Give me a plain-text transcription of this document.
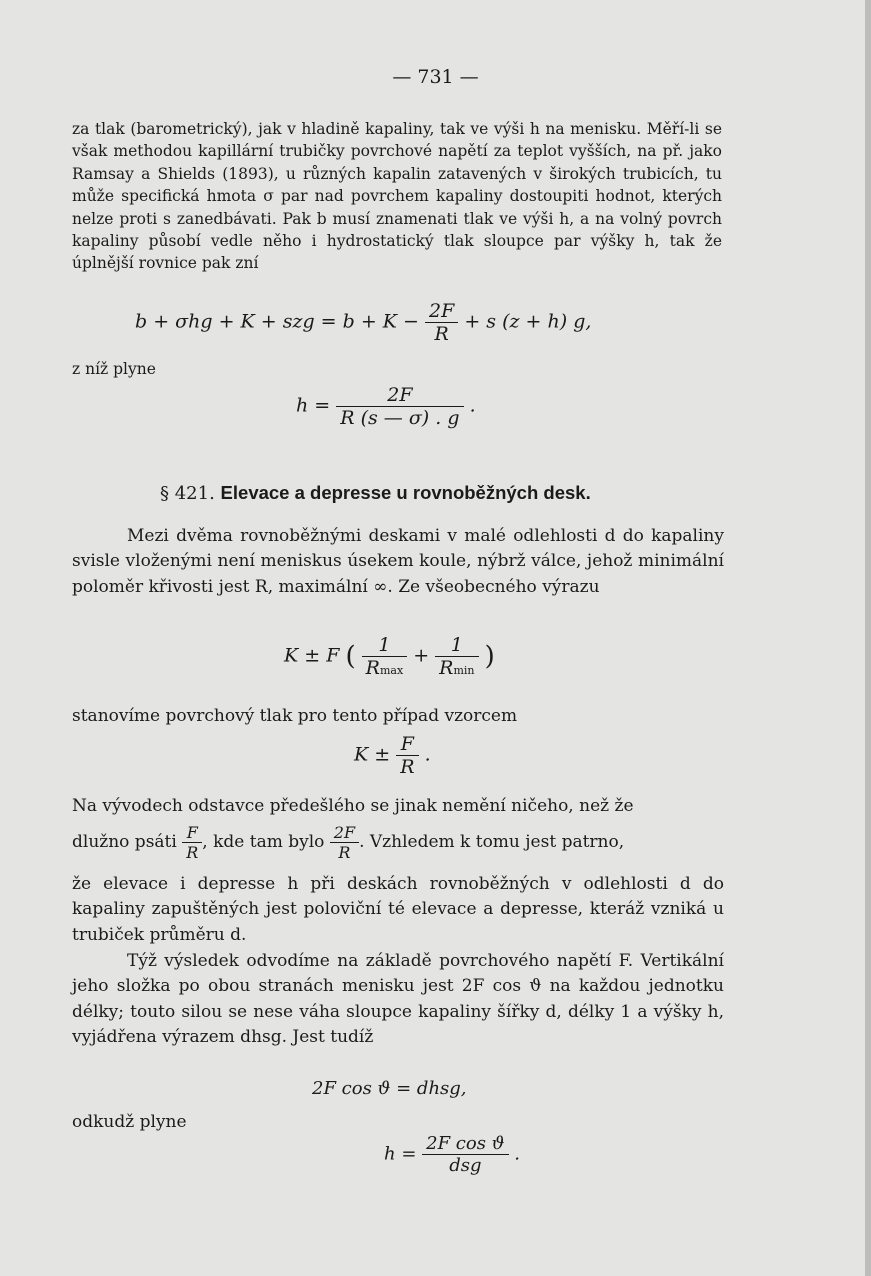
— 731 —

za tlak (barometrický), jak v hladině kapaliny, tak ve výši h na menisku. Měří-li se však methodou kapillární trubičky povrchové napětí za teplot vyšších, na př. jako Ramsay a Shields (1893), u různých kapalin zatavených v širokých trubicích, tu může specifická hmota σ par nad povrchem kapaliny dostoupiti hodnot, kterých nelze proti s zanedbávati. Pak b musí znamenati tlak ve výši h, a na volný povrch kapaliny působí vedle něho i hydrostatický tlak sloupce par výšky h, tak že úplnější rovnice pak zní

b + σhg + K + szg = $b + K - \frac{2F}{R} + s$ (z + h) g,
z níž plyne
$h = \frac{2F}{R (s — \sigma) . g}$ .
§ 421. Elevace a depresse u rovnoběžných desk.

Mezi dvěma rovnoběžnými deskami v malé odlehlosti d do kapaliny svisle vloženými není meniskus úsekem koule, nýbrž válce, jehož minimální poloměr křivosti jest R, maximální ∞. Ze všeobecného výrazu

K ± F ( $\frac{1}{Rmax} + \frac{1}{Rmin}$ )
stanovíme povrchový tlak pro tento případ vzorcem
$K \pm \frac{F}{R}$ .
Na vývodech odstavce předešlého se jinak nemění ničeho, než že
dlužno psáti $\frac{F}{R}$ , kde tam bylo $\frac{2F}{R}$ . Vzhledem k tomu jest patrno,

že elevace i depresse h při deskách rovnoběžných v odlehlosti d do kapaliny zapuštěných jest poloviční té elevace a depresse, kteráž vzniká u trubiček průměru d.

Týž výsledek odvodíme na základě povrchového napětí F. Vertikální jeho složka po obou stranách menisku jest 2F cos ϑ na každou jednotku délky; touto silou se nese váha sloupce kapaliny šířky d, délky 1 a výšky h, vyjádřena výrazem dhsg. Jest tudíž

2F cos ϑ = dhsg,
odkudž plyne
$h = \frac{\text{2F cos ϑ}}{\text{dsg}}$ .
